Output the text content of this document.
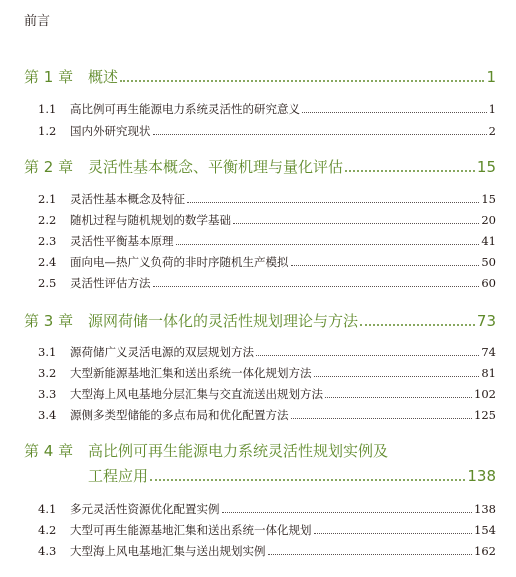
前言
第 1 章 概述	1
1.1	高比例可再生能源电力系统灵活性的研究意义	1
1.2	国内外研究现状	2
第 2 章 灵活性基本概念、平衡机理与量化评估	15
2.1	灵活性基本概念及特征	15
2.2	随机过程与随机规划的数学基础	20
2.3	灵活性平衡基本原理	41
2.4	面向电—热广义负荷的非时序随机生产模拟	50
2.5	灵活性评估方法	60
第 3 章 源网荷储一体化的灵活性规划理论与方法	73
3.1	源荷储广义灵活电源的双层规划方法	74
3.2	大型新能源基地汇集和送出系统一体化规划方法	81
3.3	大型海上风电基地分层汇集与交直流送出规划方法	102
3.4	源侧多类型储能的多点布局和优化配置方法	125
第 4 章 高比例可再生能源电力系统灵活性规划实例及
工程应用	138
4.1	多元灵活性资源优化配置实例	138
4.2	大型可再生能源基地汇集和送出系统一体化规划	154
4.3	大型海上风电基地汇集与送出规划实例	162
